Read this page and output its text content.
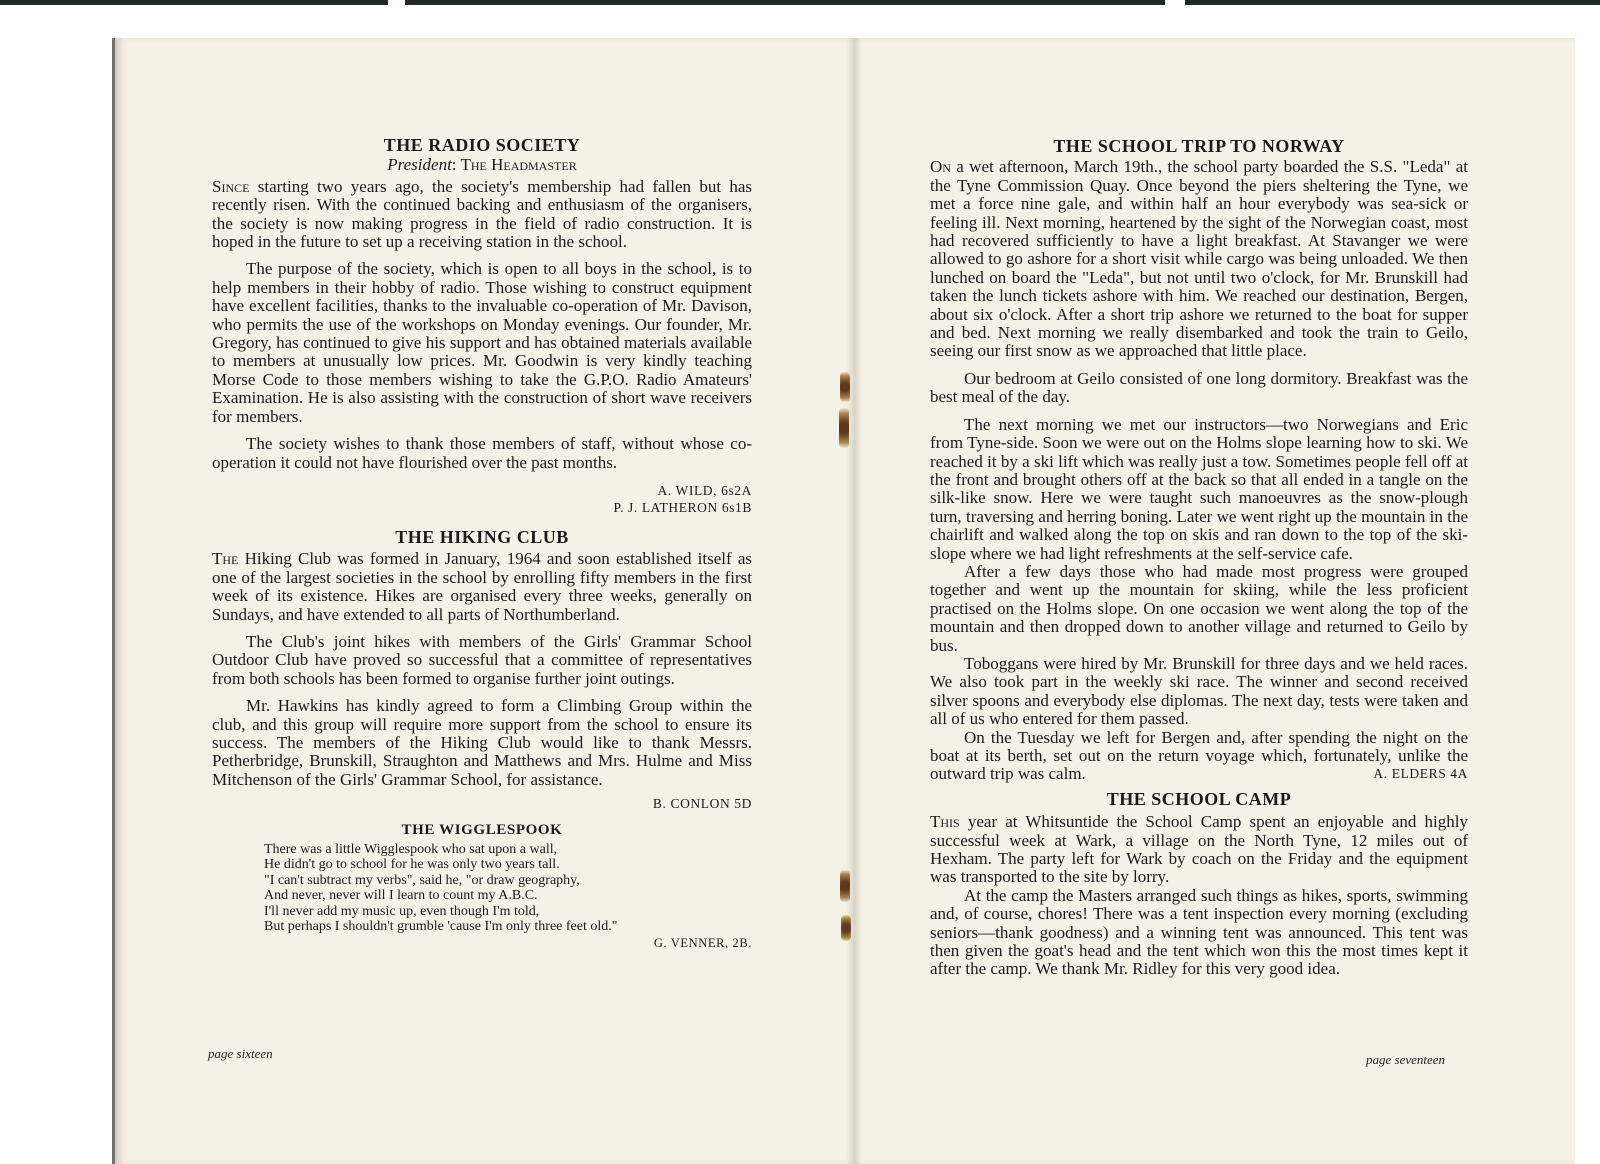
THE RADIO SOCIETY
President: The Headmaster

Since starting two years ago, the society's membership had fallen but has recently risen. With the continued backing and enthusiasm of the organisers, the society is now making progress in the field of radio construction. It is hoped in the future to set up a receiving station in the school.

The purpose of the society, which is open to all boys in the school, is to help members in their hobby of radio. Those wishing to construct equipment have excellent facilities, thanks to the invaluable co-operation of Mr. Davison, who permits the use of the workshops on Monday evenings. Our founder, Mr. Gregory, has continued to give his support and has obtained materials available to members at unusually low prices. Mr. Goodwin is very kindly teaching Morse Code to those members wishing to take the G.P.O. Radio Amateurs' Examination. He is also assisting with the construction of short wave receivers for members.

The society wishes to thank those members of staff, without whose co-operation it could not have flourished over the past months.

A. WILD, 6s2A
P. J. LATHERON 6s1B
THE HIKING CLUB

The Hiking Club was formed in January, 1964 and soon established itself as one of the largest societies in the school by enrolling fifty members in the first week of its existence. Hikes are organised every three weeks, generally on Sundays, and have extended to all parts of Northumberland.

The Club's joint hikes with members of the Girls' Grammar School Outdoor Club have proved so successful that a committee of representatives from both schools has been formed to organise further joint outings.

Mr. Hawkins has kindly agreed to form a Climbing Group within the club, and this group will require more support from the school to ensure its success. The members of the Hiking Club would like to thank Messrs. Petherbridge, Brunskill, Straughton and Matthews and Mrs. Hulme and Miss Mitchenson of the Girls' Grammar School, for assistance.

B. CONLON 5D
THE WIGGLESPOOK
There was a little Wigglespook who sat upon a wall,
He didn't go to school for he was only two years tall.
"I can't subtract my verbs", said he, "or draw geography,
And never, never will I learn to count my A.B.C.
I'll never add my music up, even though I'm told,
But perhaps I shouldn't grumble 'cause I'm only three feet old."
G. VENNER, 2B.
page sixteen
THE SCHOOL TRIP TO NORWAY

On a wet afternoon, March 19th., the school party boarded the S.S. "Leda" at the Tyne Commission Quay. Once beyond the piers sheltering the Tyne, we met a force nine gale, and within half an hour everybody was sea-sick or feeling ill. Next morning, heartened by the sight of the Norwegian coast, most had recovered sufficiently to have a light breakfast. At Stavanger we were allowed to go ashore for a short visit while cargo was being unloaded. We then lunched on board the "Leda", but not until two o'clock, for Mr. Brunskill had taken the lunch tickets ashore with him. We reached our destination, Bergen, about six o'clock. After a short trip ashore we returned to the boat for supper and bed. Next morning we really disembarked and took the train to Geilo, seeing our first snow as we approached that little place.

Our bedroom at Geilo consisted of one long dormitory. Breakfast was the best meal of the day.

The next morning we met our instructors—two Norwegians and Eric from Tyne-side. Soon we were out on the Holms slope learning how to ski. We reached it by a ski lift which was really just a tow. Sometimes people fell off at the front and brought others off at the back so that all ended in a tangle on the silk-like snow. Here we were taught such manoeuvres as the snow-plough turn, traversing and herring boning. Later we went right up the mountain in the chairlift and walked along the top on skis and ran down to the top of the ski-slope where we had light refreshments at the self-service cafe.

After a few days those who had made most progress were grouped together and went up the mountain for skiing, while the less proficient practised on the Holms slope. On one occasion we went along the top of the mountain and then dropped down to another village and returned to Geilo by bus.

Toboggans were hired by Mr. Brunskill for three days and we held races. We also took part in the weekly ski race. The winner and second received silver spoons and everybody else diplomas. The next day, tests were taken and all of us who entered for them passed.

On the Tuesday we left for Bergen and, after spending the night on the boat at its berth, set out on the return voyage which, fortunately, unlike the outward trip was calm.	A. ELDERS 4A

THE SCHOOL CAMP

This year at Whitsuntide the School Camp spent an enjoyable and highly successful week at Wark, a village on the North Tyne, 12 miles out of Hexham. The party left for Wark by coach on the Friday and the equipment was transported to the site by lorry.

At the camp the Masters arranged such things as hikes, sports, swimming and, of course, chores! There was a tent inspection every morning (excluding seniors—thank goodness) and a winning tent was announced. This tent was then given the goat's head and the tent which won this the most times kept it after the camp. We thank Mr. Ridley for this very good idea.

page seventeen
